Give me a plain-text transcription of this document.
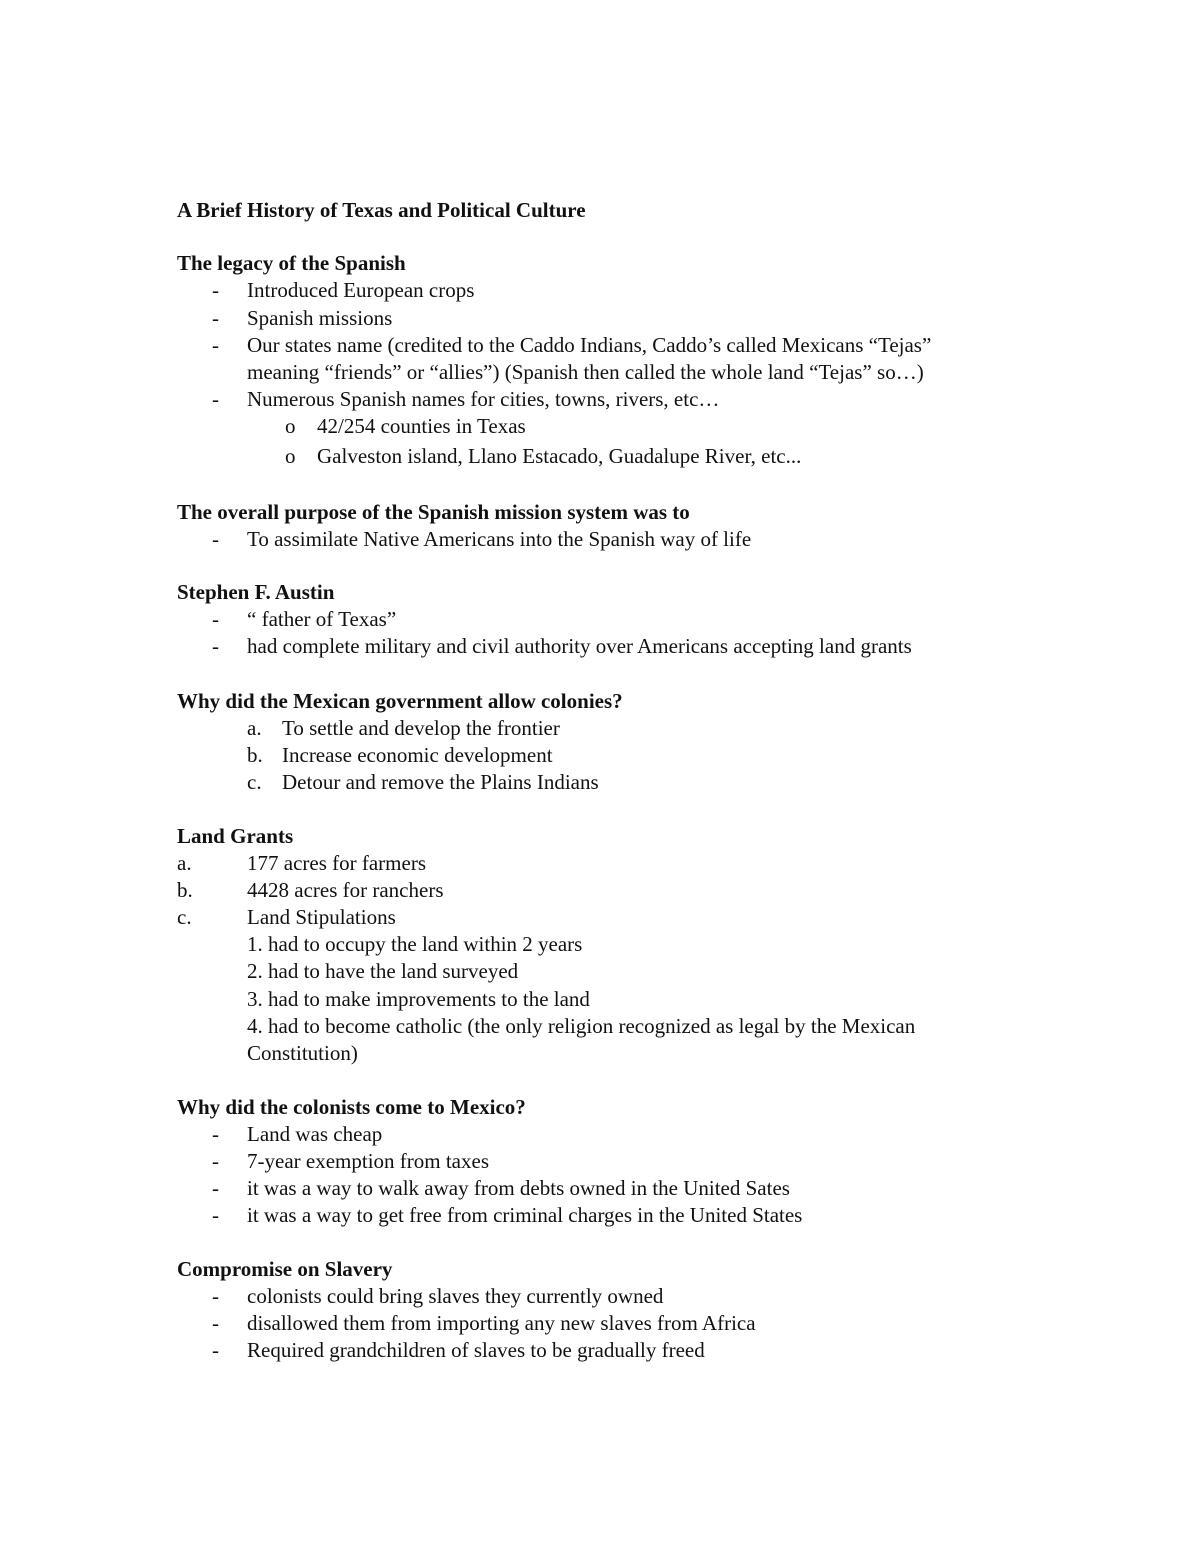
A Brief History of Texas and Political Culture
The legacy of the Spanish
- Introduced European crops
- Spanish missions
- Our states name (credited to the Caddo Indians, Caddo’s called Mexicans “Tejas”
meaning “friends” or “allies”) (Spanish then called the whole land “Tejas” so…)
- Numerous Spanish names for cities, towns, rivers, etc…
o 42/254 counties in Texas
o Galveston island, Llano Estacado, Guadalupe River, etc...
The overall purpose of the Spanish mission system was to
- To assimilate Native Americans into the Spanish way of life
Stephen F. Austin
- “ father of Texas”
- had complete military and civil authority over Americans accepting land grants
Why did the Mexican government allow colonies?
a. To settle and develop the frontier
b. Increase economic development
c. Detour and remove the Plains Indians
Land Grants
a.	177 acres for farmers
b.	4428 acres for ranchers
c.	Land Stipulations
1. had to occupy the land within 2 years
2. had to have the land surveyed
3. had to make improvements to the land
4. had to become catholic (the only religion recognized as legal by the Mexican
Constitution)
Why did the colonists come to Mexico?
- Land was cheap
- 7-year exemption from taxes
- it was a way to walk away from debts owned in the United Sates
- it was a way to get free from criminal charges in the United States
Compromise on Slavery
- colonists could bring slaves they currently owned
- disallowed them from importing any new slaves from Africa
- Required grandchildren of slaves to be gradually freed
